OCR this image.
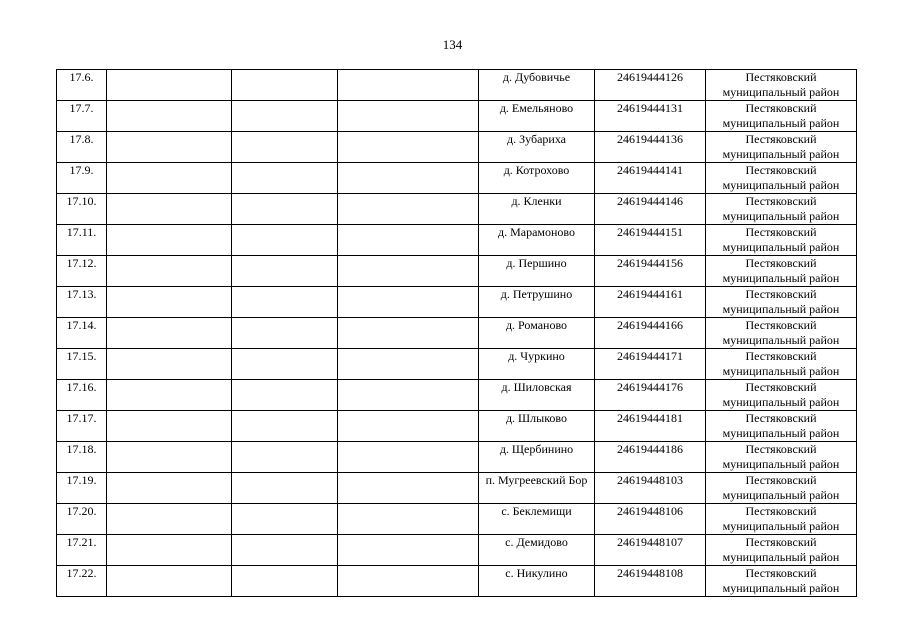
134
17.6.				д. Дубовичье	24619444126	Пестяковский муниципальный район
17.7.				д. Емельяново	24619444131	Пестяковский муниципальный район
17.8.				д. Зубариха	24619444136	Пестяковский муниципальный район
17.9.				д. Котрохово	24619444141	Пестяковский муниципальный район
17.10.				д. Кленки	24619444146	Пестяковский муниципальный район
17.11.				д. Марамоново	24619444151	Пестяковский муниципальный район
17.12.				д. Першино	24619444156	Пестяковский муниципальный район
17.13.				д. Петрушино	24619444161	Пестяковский муниципальный район
17.14.				д. Романово	24619444166	Пестяковский муниципальный район
17.15.				д. Чуркино	24619444171	Пестяковский муниципальный район
17.16.				д. Шиловская	24619444176	Пестяковский муниципальный район
17.17.				д. Шлыково	24619444181	Пестяковский муниципальный район
17.18.				д. Щербинино	24619444186	Пестяковский муниципальный район
17.19.				п. Мугреевский Бор	24619448103	Пестяковский муниципальный район
17.20.				с. Беклемищи	24619448106	Пестяковский муниципальный район
17.21.				с. Демидово	24619448107	Пестяковский муниципальный район
17.22.				с. Никулино	24619448108	Пестяковский муниципальный район
